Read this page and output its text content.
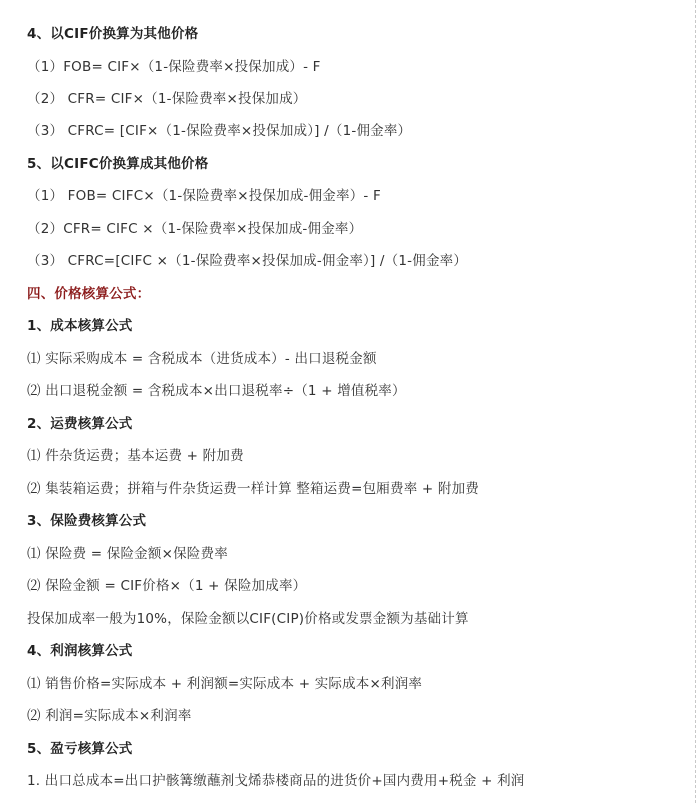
4、以CIF价换算为其他价格
（1）FOB= CIF×（1-保险费率×投保加成）- F
（2） CFR= CIF×（1-保险费率×投保加成）
（3） CFRC= [CIF×（1-保险费率×投保加成）] /（1-佣金率）
5、以CIFC价换算成其他价格
（1） FOB= CIFC×（1-保险费率×投保加成-佣金率）- F
（2）CFR= CIFC ×（1-保险费率×投保加成-佣金率）
（3） CFRC=[CIFC ×（1-保险费率×投保加成-佣金率）] /（1-佣金率）
四、价格核算公式：
1、成本核算公式
⑴ 实际采购成本 = 含税成本（进货成本）- 出口退税金额
⑵ 出口退税金额 = 含税成本×出口退税率÷（1 + 增值税率）
2、运费核算公式
⑴ 件杂货运费；基本运费 + 附加费
⑵ 集装箱运费；拼箱与件杂货运费一样计算 整箱运费=包厢费率 + 附加费
3、保险费核算公式
⑴ 保险费 = 保险金额×保险费率
⑵ 保险金额 = CIF价格×（1 + 保险加成率）
投保加成率一般为10%，保险金额以CIF(CIP)价格或发票金额为基础计算
4、利润核算公式
⑴ 销售价格=实际成本 + 利润额=实际成本 + 实际成本×利润率
⑵ 利润=实际成本×利润率
5、盈亏核算公式
1. 出口总成本=出口护骸篝缴蘸剂戈烯恭楼商品的进货价+国内费用+税金 + 利润
